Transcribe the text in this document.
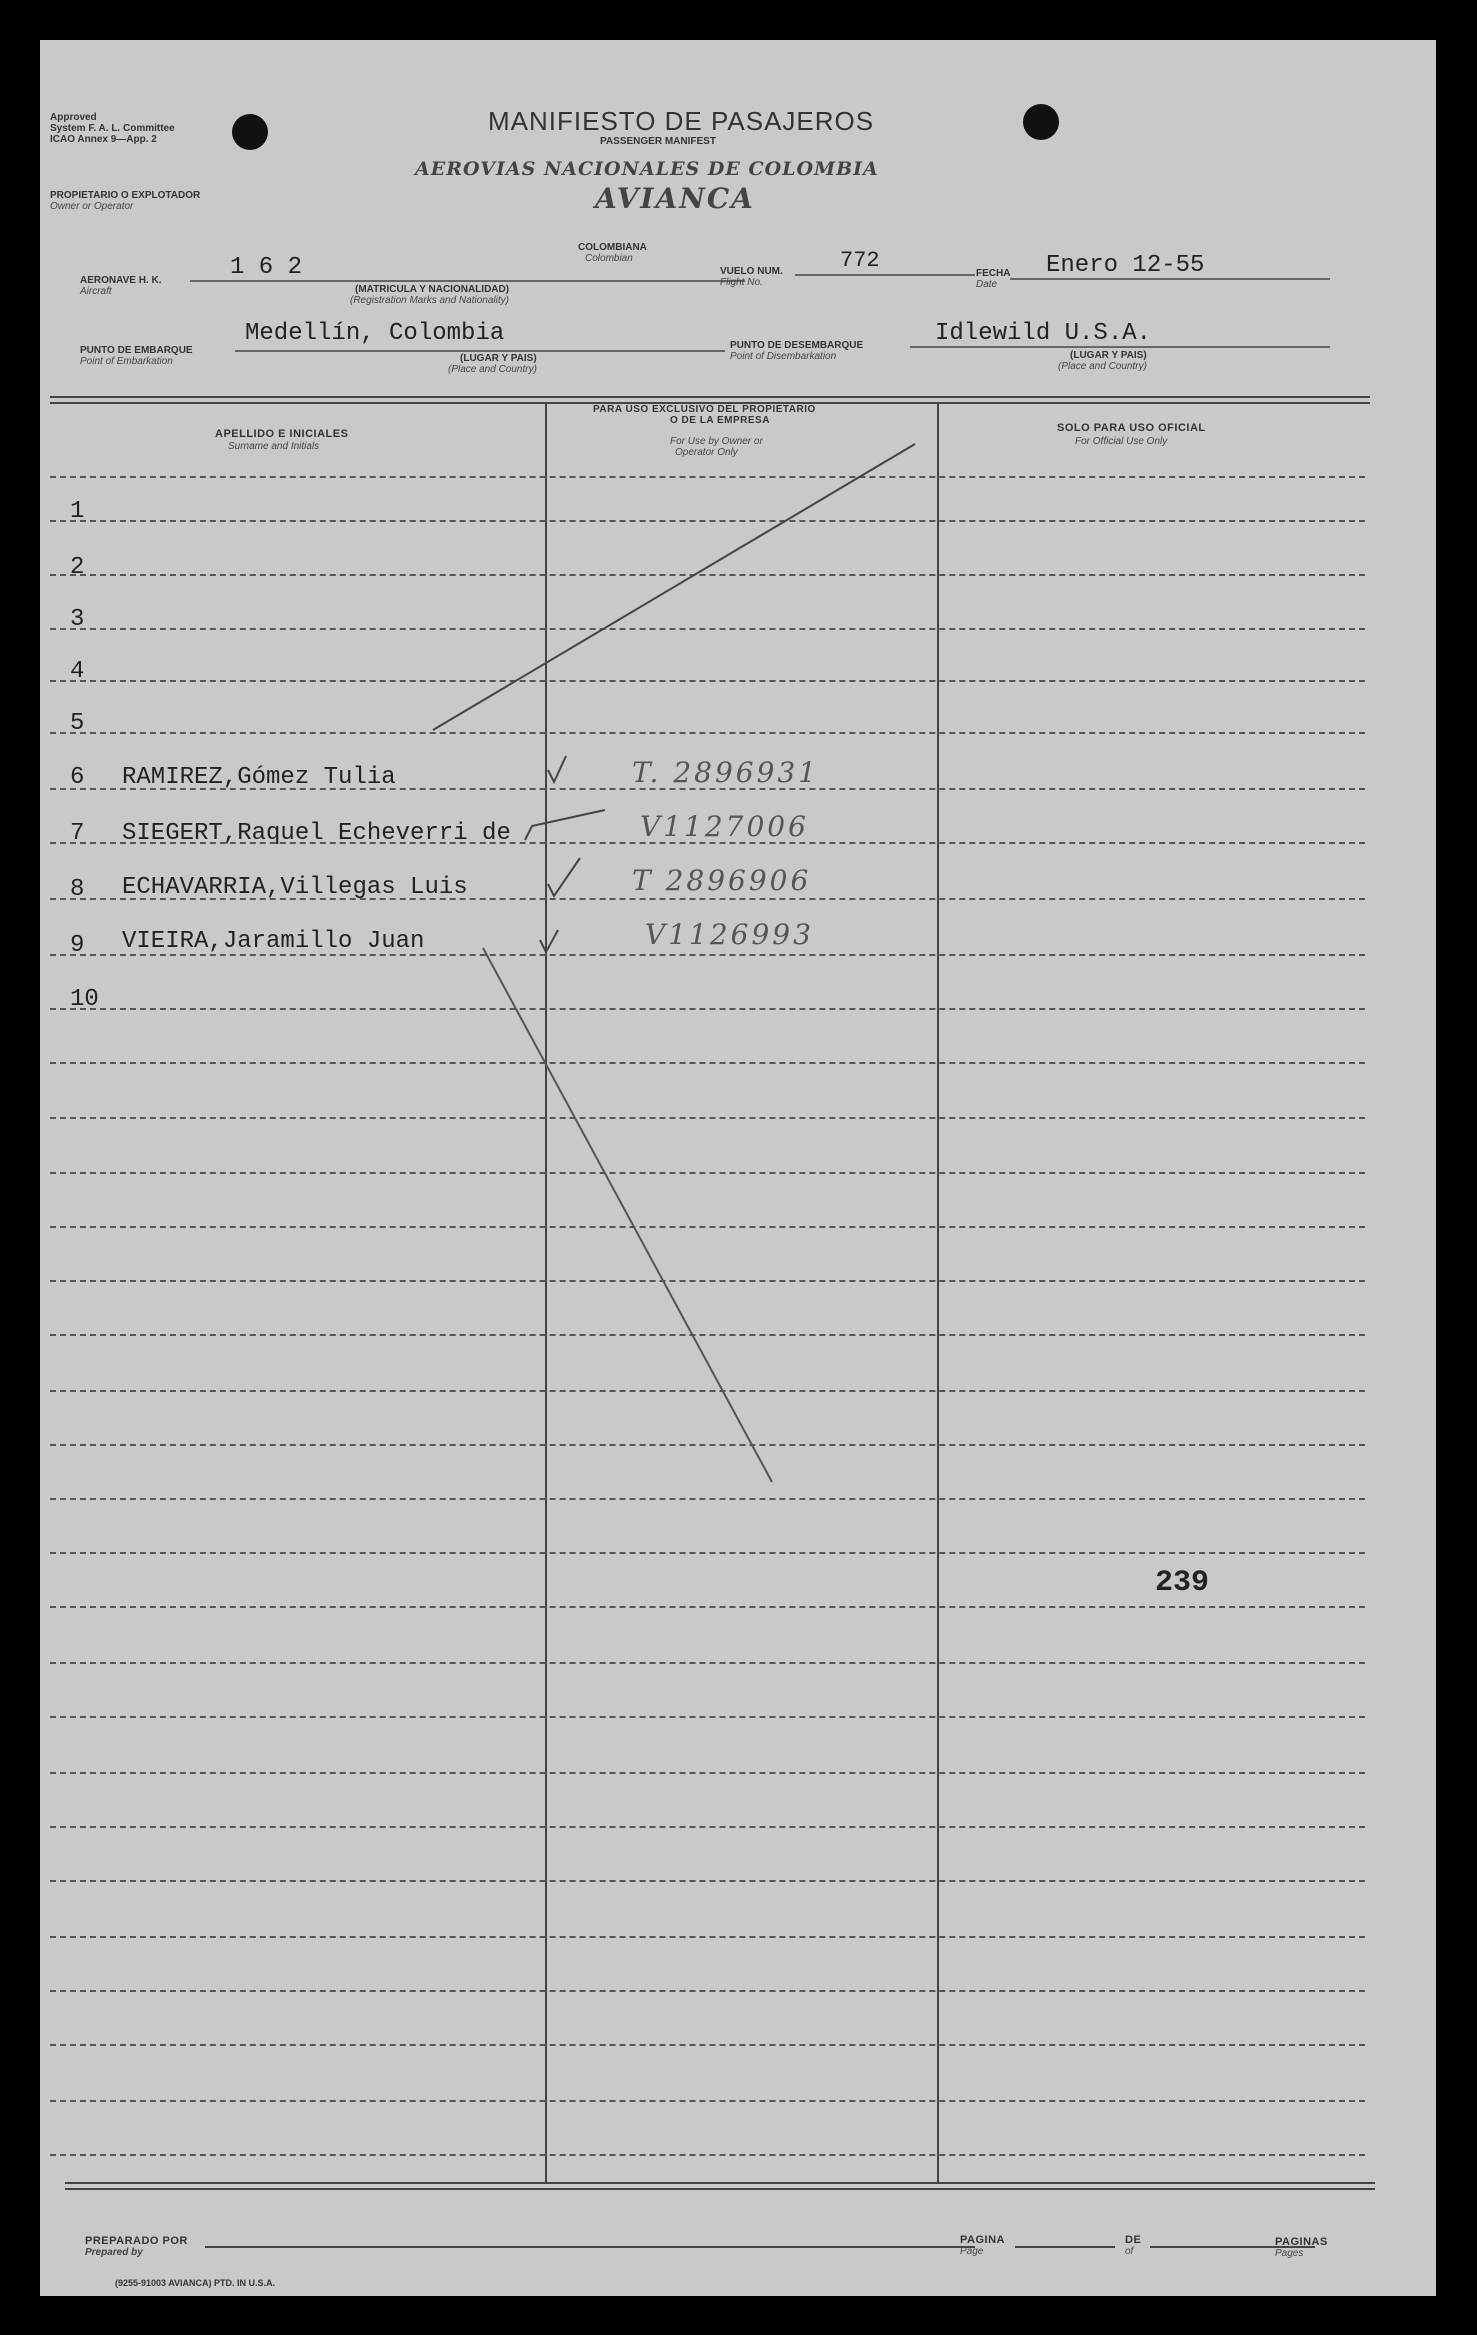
Approved
System F. A. L. Committee
ICAO Annex 9—App. 2
MANIFIESTO DE PASAJEROS
PASSENGER MANIFEST
AEROVIAS NACIONALES DE COLOMBIA
AVIANCA
PROPIETARIO O EXPLOTADOR
Owner or Operator
COLOMBIANA
Colombian
AERONAVE H. K.
Aircraft
1 6 2
(MATRICULA Y NACIONALIDAD)
(Registration Marks and Nationality)
VUELO NUM.
Flight No.
772
FECHA
Date
Enero 12-55
PUNTO DE EMBARQUE
Point of Embarkation
Medellín, Colombia
(LUGAR Y PAIS)
(Place and Country)
PUNTO DE DESEMBARQUE
Point of Disembarkation
Idlewild U.S.A.
(LUGAR Y PAIS)
(Place and Country)
APELLIDO E INICIALES
Surname and Initials
PARA USO EXCLUSIVO DEL PROPIETARIO
O DE LA EMPRESA
For Use by Owner or
Operator Only
SOLO PARA USO OFICIAL
For Official Use Only
1
2
3
4
5
6
7
8
9
10
RAMIREZ,Gómez Tulia
SIEGERT,Raquel Echeverri de
ECHAVARRIA,Villegas Luis
VIEIRA,Jaramillo Juan
T. 2896931
V1127006
T 2896906
V1126993
239
PREPARADO POR
Prepared by
PAGINA
Page
DE
of
PAGINAS
Pages
(9255-91003 AVIANCA) PTD. IN U.S.A.
